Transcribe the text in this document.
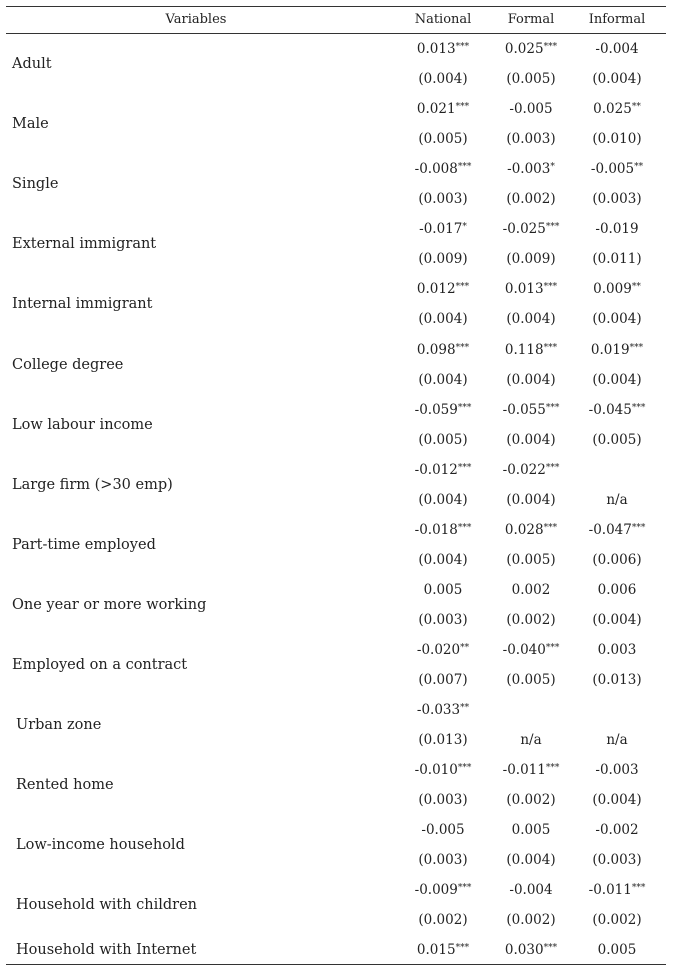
Variables	National	Formal	Informal
Adult
0.013***	0.025***	-0.004
(0.004)	(0.005)	(0.004)
Male
0.021***	-0.005	0.025**
(0.005)	(0.003)	(0.010)
Single
-0.008***	-0.003*	-0.005**
(0.003)	(0.002)	(0.003)
External immigrant
-0.017*	-0.025***	-0.019
(0.009)	(0.009)	(0.011)
Internal immigrant
0.012***	0.013***	0.009**
(0.004)	(0.004)	(0.004)
College degree
0.098***	0.118***	0.019***
(0.004)	(0.004)	(0.004)
Low labour income
-0.059***	-0.055***	-0.045***
(0.005)	(0.004)	(0.005)
Large firm (>30 emp)
-0.012***	-0.022***
(0.004)	(0.004)	n/a
Part-time employed
-0.018***	0.028***	-0.047***
(0.004)	(0.005)	(0.006)
One year or more working
0.005	0.002	0.006
(0.003)	(0.002)	(0.004)
Employed on a contract
-0.020**	-0.040***	0.003
(0.007)	(0.005)	(0.013)
Urban zone
-0.033**
(0.013)	n/a	n/a
Rented home
-0.010***	-0.011***	-0.003
(0.003)	(0.002)	(0.004)
Low-income household
-0.005	0.005	-0.002
(0.003)	(0.004)	(0.003)
Household with children
-0.009***	-0.004	-0.011***
(0.002)	(0.002)	(0.002)
Household with Internet	0.015***	0.030***	0.005
